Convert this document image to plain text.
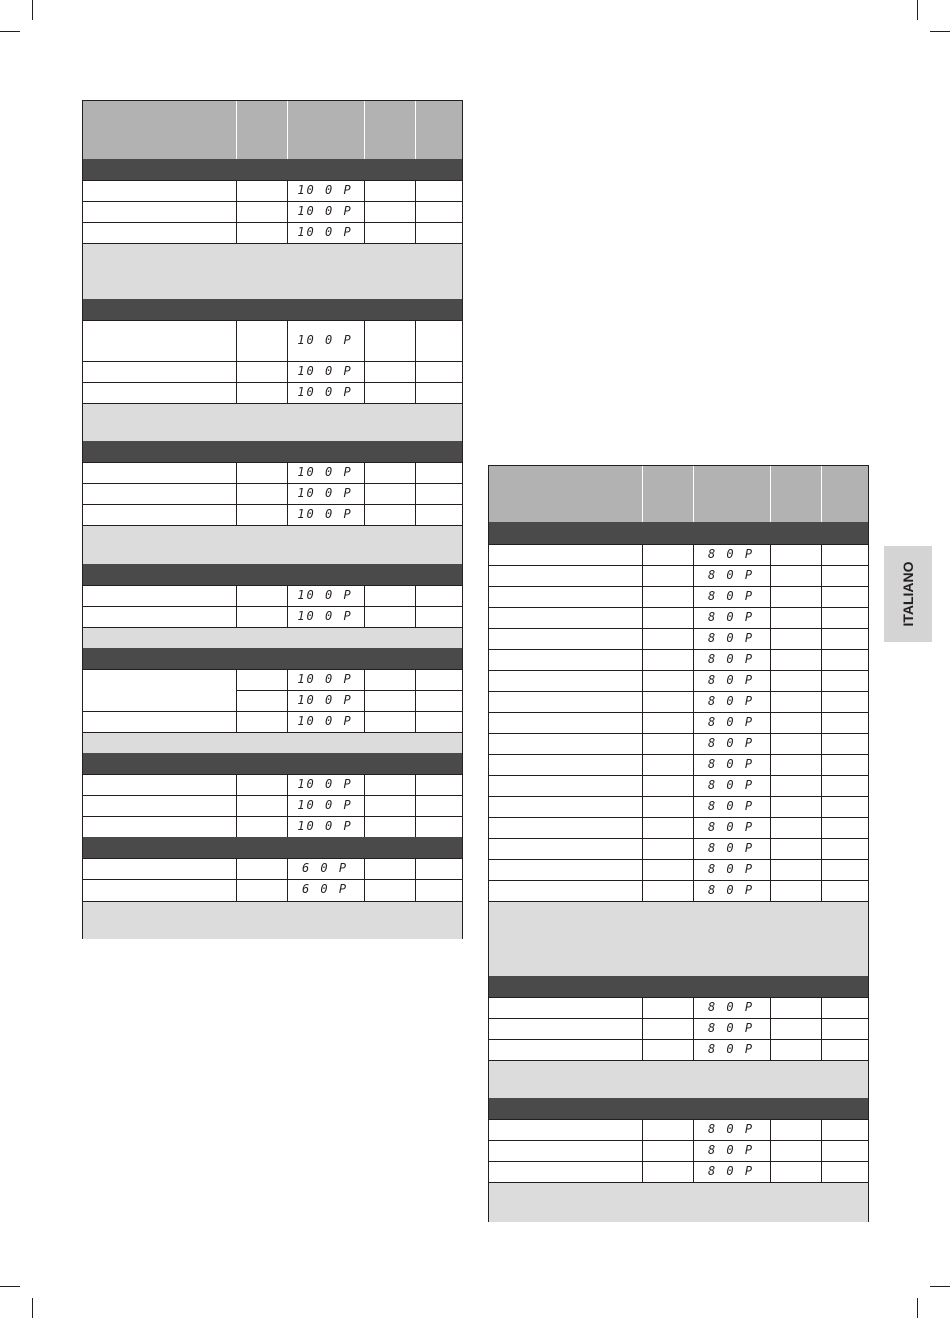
10 0 P
10 0 P
10 0 P
10 0 P
10 0 P
10 0 P
10 0 P
10 0 P
10 0 P
10 0 P
10 0 P
10 0 P
10 0 P
10 0 P
10 0 P
10 0 P
10 0 P
6 0 P
6 0 P
8 0 P
8 0 P
8 0 P
8 0 P
8 0 P
8 0 P
8 0 P
8 0 P
8 0 P
8 0 P
8 0 P
8 0 P
8 0 P
8 0 P
8 0 P
8 0 P
8 0 P
8 0 P
8 0 P
8 0 P
8 0 P
8 0 P
8 0 P
ITALIANO
